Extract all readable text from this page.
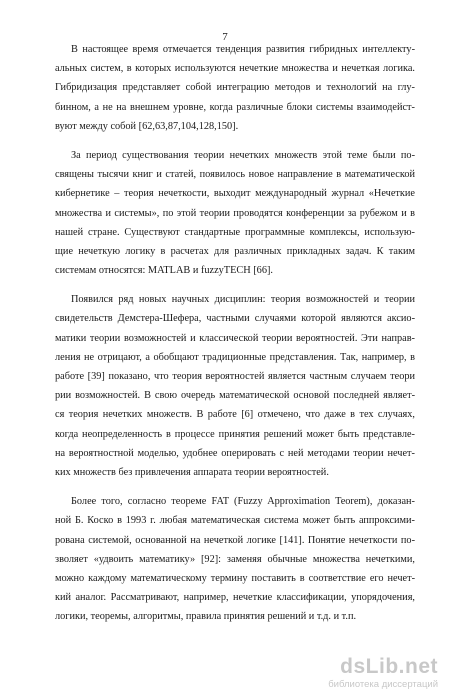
7
В настоящее время отмечается тенденция развития гибридных интеллекту-
альных систем, в которых используются нечеткие множества и нечеткая логика.
Гибридизация представляет собой интеграцию методов и технологий на глу-
бинном, а не на внешнем уровне, когда различные блоки системы взаимодейст-
вуют между собой [62,63,87,104,128,150].
За период существования теории нечетких множеств этой теме были по-
священы тысячи книг и статей, появилось новое направление в математической
кибернетике – теория нечеткости, выходит международный журнал «Нечеткие
множества и системы», по этой теории проводятся конференции за рубежом и в
нашей стране. Существуют стандартные программные комплексы, использую-
щие нечеткую логику в расчетах для различных прикладных задач. К таким
системам относятся: MATLAB и fuzzyTECH [66].
Появился ряд новых научных дисциплин: теория возможностей и теории
свидетельств Демстера-Шефера, частными случаями которой являются аксио-
матики теории возможностей и классической теории вероятностей. Эти направ-
ления не отрицают, а обобщают традиционные представления. Так, например, в
работе [39] показано, что теория вероятностей является частным случаем теори
рии возможностей. В свою очередь математической основой последней являет-
ся теория нечетких множеств. В работе [6] отмечено, что даже в тех случаях,
когда неопределенность в процессе принятия решений может быть представле-
на вероятностной моделью, удобнее оперировать с ней методами теории нечет-
ких множеств без привлечения аппарата теории вероятностей.
Более того, согласно теореме FAT (Fuzzy Approximation Teorem), доказан-
ной Б. Коско в 1993 г. любая математическая система может быть аппроксими-
рована системой, основанной на нечеткой логике [141]. Понятие нечеткости по-
зволяет «удвоить математику» [92]: заменяя обычные множества нечеткими,
можно каждому математическому термину поставить в соответствие его нечет-
кий аналог. Рассматривают, например, нечеткие классификации, упорядочения,
логики, теоремы, алгоритмы, правила принятия решений и т.д. и т.п.
dsLib.net
библиотека диссертаций
